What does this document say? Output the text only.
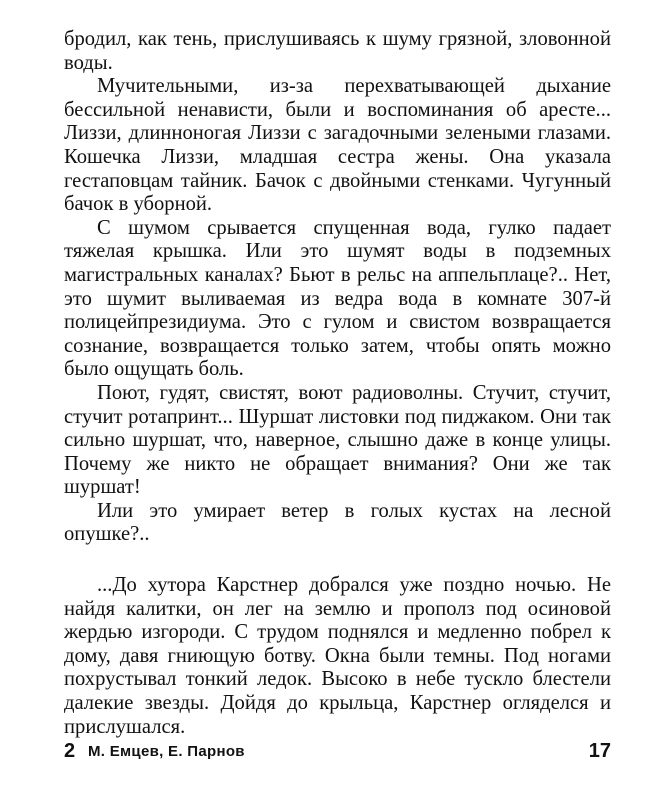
бродил, как тень, прислушиваясь к шуму грязной, зловонной воды.

Мучительными, из-за перехватывающей дыхание бессильной ненависти, были и воспоминания об аресте... Лиззи, длинноногая Лиззи с загадочными зелеными глазами. Кошечка Лиззи, младшая сестра жены. Она указала гестаповцам тайник. Бачок с двойными стенками. Чугунный бачок в уборной.

С шумом срывается спущенная вода, гулко падает тяжелая крышка. Или это шумят воды в подземных магистральных каналах? Бьют в рельс на аппельплаце?.. Нет, это шумит выливаемая из ведра вода в комнате 307-й полицейпрезидиума. Это с гулом и свистом возвращается сознание, возвращается только затем, чтобы опять можно было ощущать боль.

Поют, гудят, свистят, воют радиоволны. Стучит, стучит, стучит ротапринт... Шуршат листовки под пиджаком. Они так сильно шуршат, что, наверное, слышно даже в конце улицы. Почему же никто не обращает внимания? Они же так шуршат!

Или это умирает ветер в голых кустах на лесной опушке?..

...До хутора Карстнер добрался уже поздно ночью. Не найдя калитки, он лег на землю и прополз под осиновой жердью изгороди. С трудом поднялся и медленно побрел к дому, давя гниющую ботву. Окна были темны. Под ногами похрустывал тонкий ледок. Высоко в небе тускло блестели далекие звезды. Дойдя до крыльца, Карстнер огляделся и прислушался.

2 М. Емцев, Е. Парнов	17
